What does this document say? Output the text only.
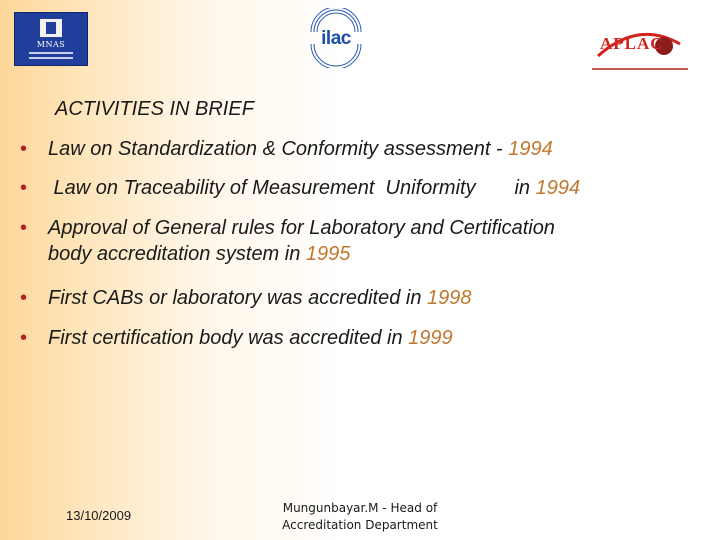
MNAS	ilac	APLAC
ACTIVITIES IN BRIEF
• Law on Standardization & Conformity assessment - 1994
• Law on Traceability of Measurement  Uniformity       in 1994
• Approval of General rules for Laboratory and Certification
body accreditation system in 1995
• First CABs or laboratory was accredited in 1998
• First certification body was accredited in 1999
13/10/2009	Mungunbayar.M - Head of
Accreditation Department
